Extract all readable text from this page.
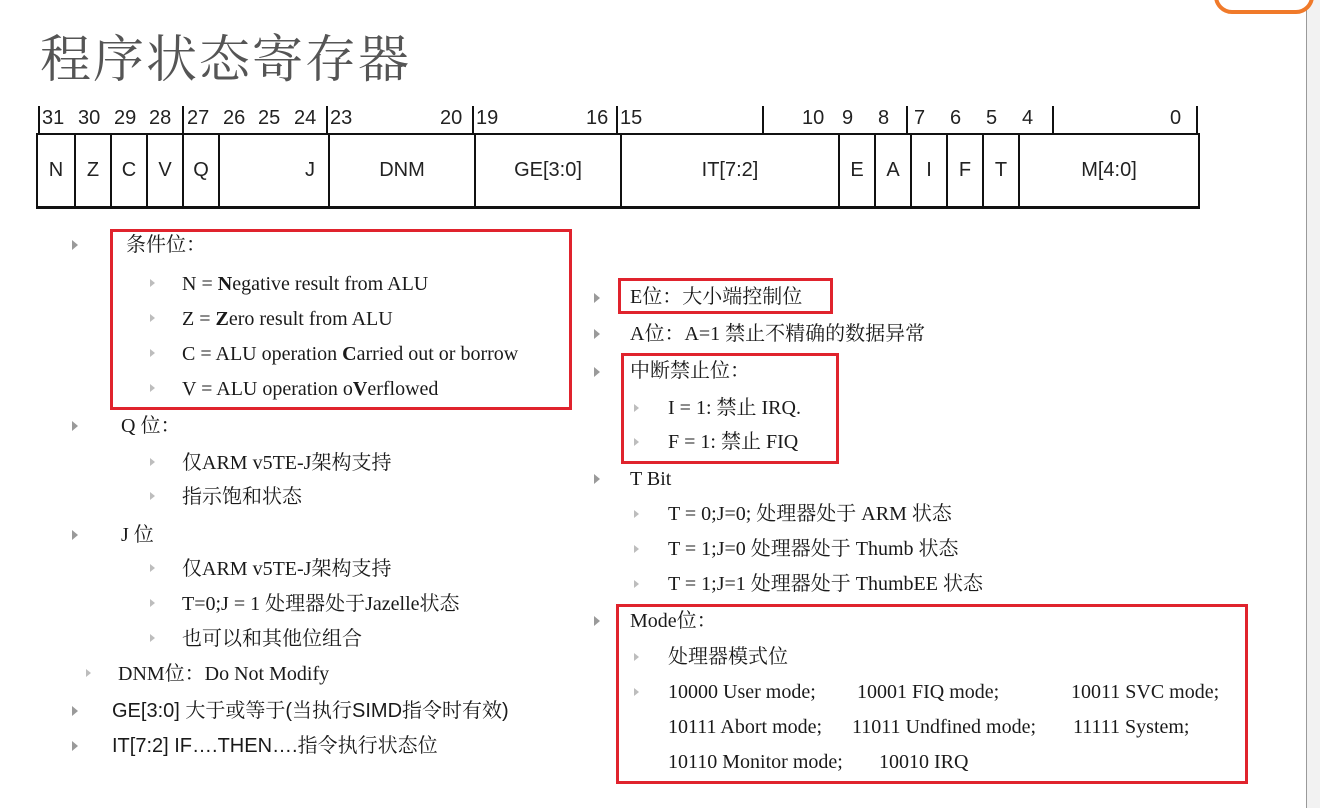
程序状态寄存器
31 30 29 28 27 26 25 24 23	20 19	16 15	10 9 8 7 6 5 4	0
N	Z	C	V	Q	J	DNM	GE[3:0]	IT[7:2]	E	A	I	F	T	M[4:0]
条件位：
N = Negative result from ALU
Z = Zero result from ALU
C = ALU operation Carried out or borrow
V = ALU operation oVerflowed
Q 位：
仅ARM v5TE-J架构支持
指示饱和状态
J 位
仅ARM v5TE-J架构支持
T=0;J = 1 处理器处于Jazelle状态
也可以和其他位组合
DNM位：Do Not Modify
GE[3:0] 大于或等于(当执行SIMD指令时有效)
IT[7:2] IF….THEN….指令执行状态位
E位：大小端控制位
A位：A=1 禁止不精确的数据异常
中断禁止位：
I = 1: 禁止 IRQ.
F = 1: 禁止 FIQ
T Bit
T = 0;J=0; 处理器处于 ARM 状态
T = 1;J=0 处理器处于 Thumb 状态
T = 1;J=1 处理器处于 ThumbEE 状态
Mode位：
处理器模式位
10000 User mode; 10001 FIQ mode;	10011 SVC mode;
10111 Abort mode; 11011 Undfined mode; 11111 System;
10110 Monitor mode; 10010 IRQ
